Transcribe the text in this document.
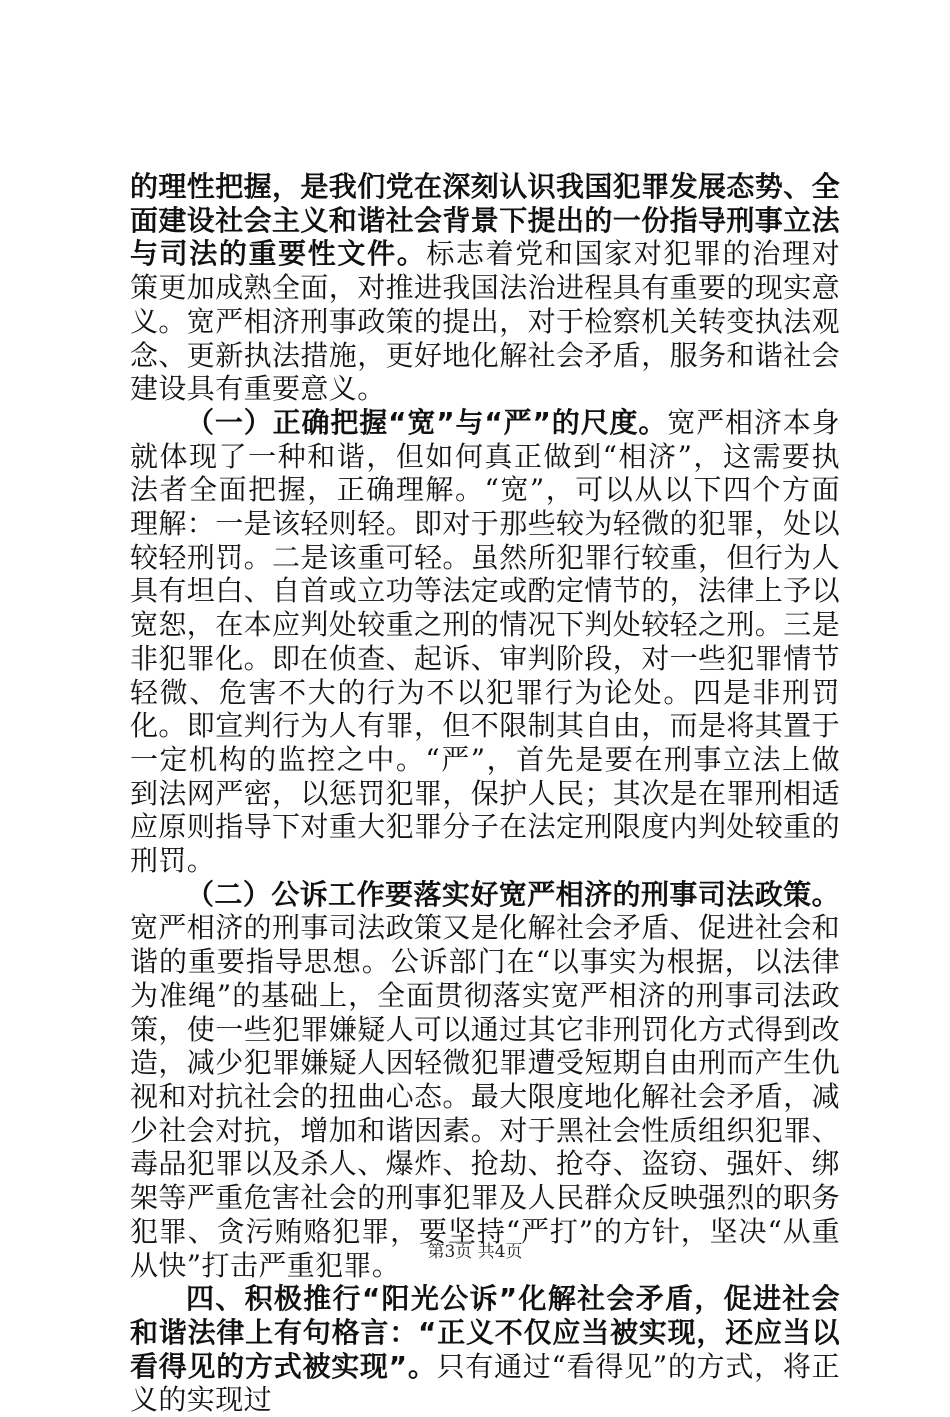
的理性把握，是我们党在深刻认识我国犯罪发展态势、全面建设社会主义和谐社会背景下提出的一份指导刑事立法与司法的重要性文件。标志着党和国家对犯罪的治理对策更加成熟全面，对推进我国法治进程具有重要的现实意义。宽严相济刑事政策的提出，对于检察机关转变执法观念、更新执法措施，更好地化解社会矛盾，服务和谐社会建设具有重要意义。

（一）正确把握“宽”与“严”的尺度。宽严相济本身就体现了一种和谐，但如何真正做到“相济”，这需要执法者全面把握，正确理解。“宽”，可以从以下四个方面理解：一是该轻则轻。即对于那些较为轻微的犯罪，处以较轻刑罚。二是该重可轻。虽然所犯罪行较重，但行为人具有坦白、自首或立功等法定或酌定情节的，法律上予以宽恕，在本应判处较重之刑的情况下判处较轻之刑。三是非犯罪化。即在侦查、起诉、审判阶段，对一些犯罪情节轻微、危害不大的行为不以犯罪行为论处。四是非刑罚化。即宣判行为人有罪，但不限制其自由，而是将其置于一定机构的监控之中。“严”，首先是要在刑事立法上做到法网严密，以惩罚犯罪，保护人民；其次是在罪刑相适应原则指导下对重大犯罪分子在法定刑限度内判处较重的刑罚。

（二）公诉工作要落实好宽严相济的刑事司法政策。宽严相济的刑事司法政策又是化解社会矛盾、促进社会和谐的重要指导思想。公诉部门在“以事实为根据，以法律为准绳”的基础上，全面贯彻落实宽严相济的刑事司法政策，使一些犯罪嫌疑人可以通过其它非刑罚化方式得到改造，减少犯罪嫌疑人因轻微犯罪遭受短期自由刑而产生仇视和对抗社会的扭曲心态。最大限度地化解社会矛盾，减少社会对抗，增加和谐因素。对于黑社会性质组织犯罪、毒品犯罪以及杀人、爆炸、抢劫、抢夺、盗窃、强奸、绑架等严重危害社会的刑事犯罪及人民群众反映强烈的职务犯罪、贪污贿赂犯罪，要坚持“严打”的方针，坚决“从重从快”打击严重犯罪。

四、积极推行“阳光公诉”化解社会矛盾，促进社会和谐法律上有句格言：“正义不仅应当被实现，还应当以看得见的方式被实现”。只有通过“看得见”的方式，将正义的实现过

第3页 共4页
